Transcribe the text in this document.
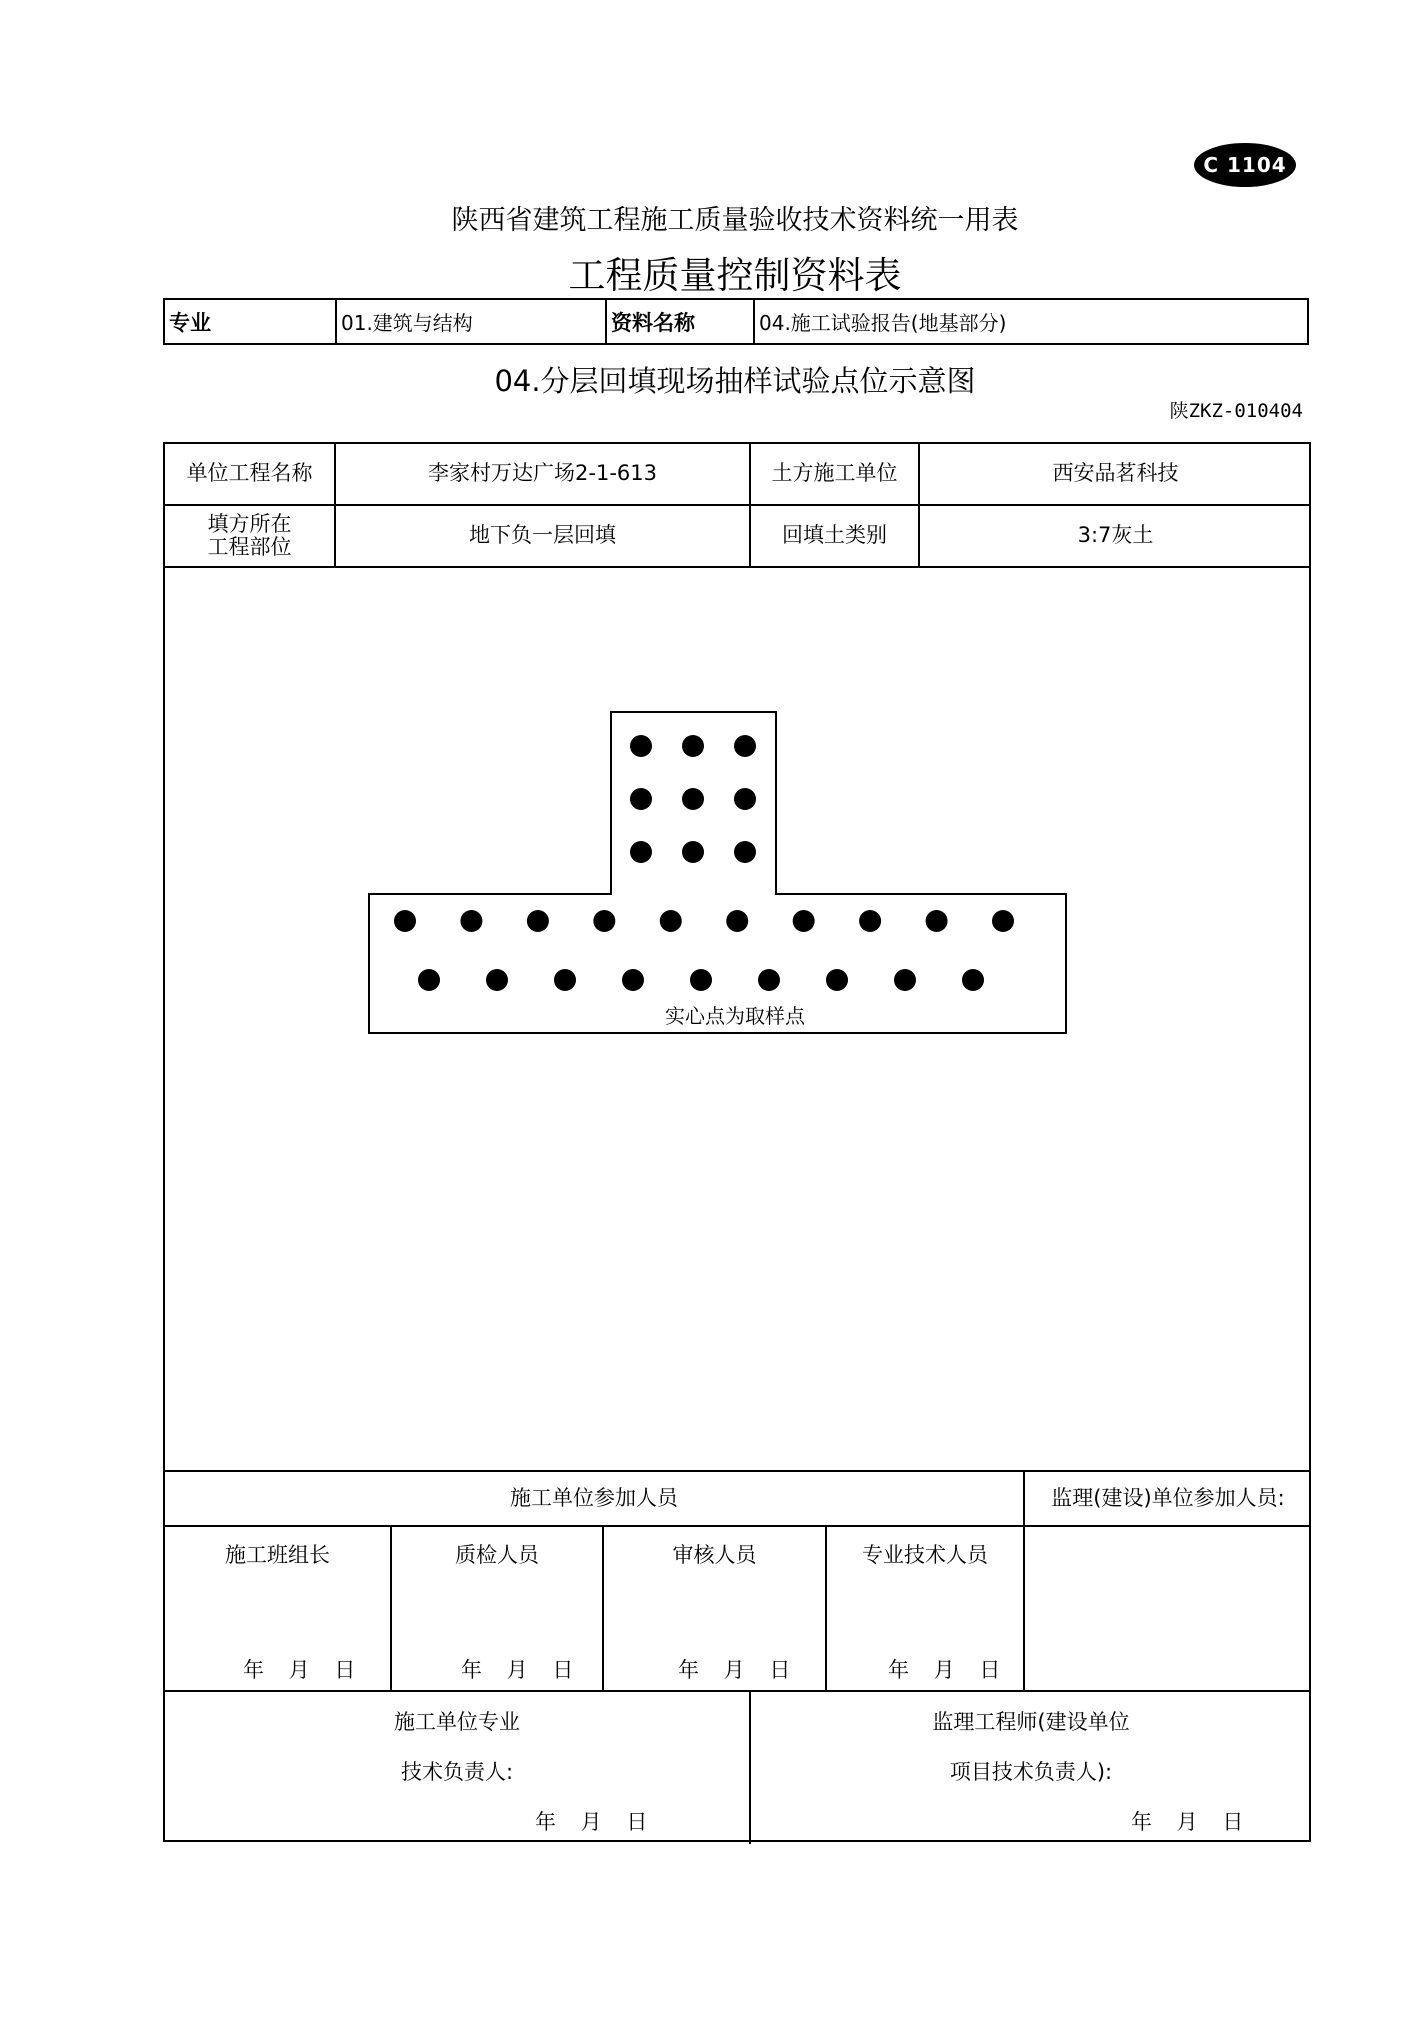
C 1104
陕西省建筑工程施工质量验收技术资料统一用表
工程质量控制资料表
专业	01.建筑与结构	资料名称	04.施工试验报告(地基部分)
04.分层回填现场抽样试验点位示意图
陕ZKZ-010404
单位工程名称	李家村万达广场2-1-613	土方施工单位	西安品茗科技
填方所在
工程部位	地下负一层回填	回填土类别	3:7灰土
实心点为取样点
施工单位参加人员	监理(建设)单位参加人员:
施工班组长	质检人员	审核人员	专业技术人员
年 月 日	年 月 日	年 月 日	年 月 日
施工单位专业
技术负责人:
年 月 日
监理工程师(建设单位
项目技术负责人):
年 月 日
